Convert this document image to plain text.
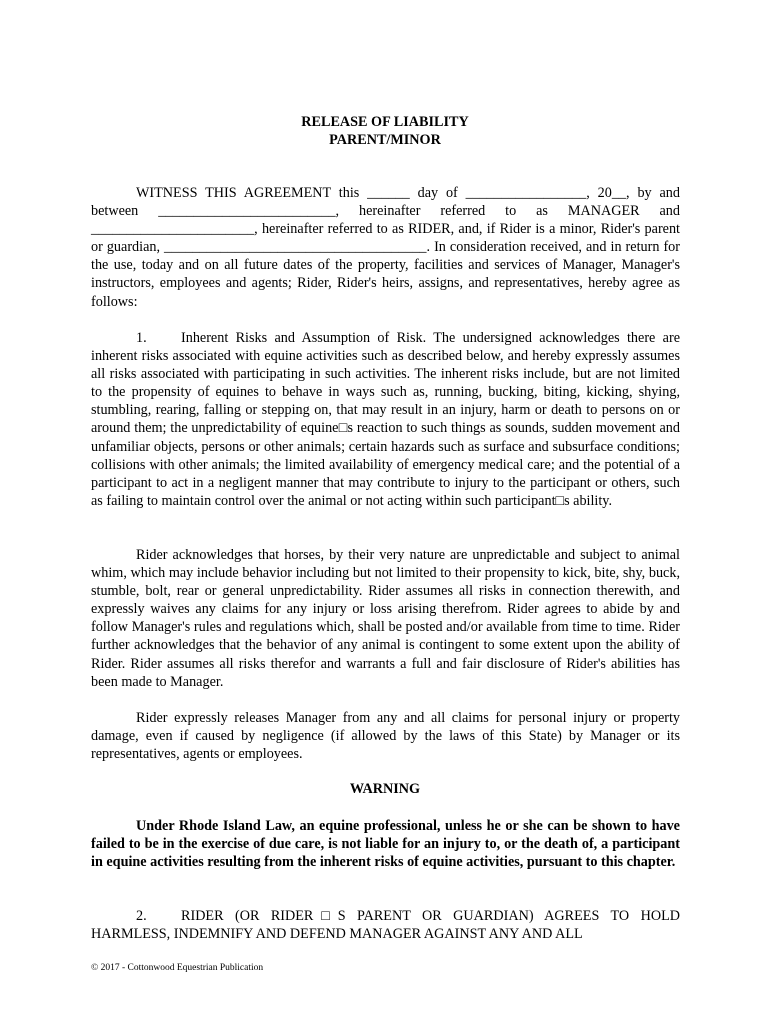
RELEASE OF LIABILITY
PARENT/MINOR
WITNESS THIS AGREEMENT this ______ day of _________________, 20__, by and between _________________________, hereinafter referred to as MANAGER and _______________________, hereinafter referred to as RIDER, and, if Rider is a minor, Rider's parent or guardian, _____________________________________. In consideration received, and in return for the use, today and on all future dates of the property, facilities and services of Manager, Manager's instructors, employees and agents; Rider, Rider's heirs, assigns, and representatives, hereby agree as follows:
1. Inherent Risks and Assumption of Risk. The undersigned acknowledges there are inherent risks associated with equine activities such as described below, and hereby expressly assumes all risks associated with participating in such activities. The inherent risks include, but are not limited to the propensity of equines to behave in ways such as, running, bucking, biting, kicking, shying, stumbling, rearing, falling or stepping on, that may result in an injury, harm or death to persons on or around them; the unpredictability of equine□s reaction to such things as sounds, sudden movement and unfamiliar objects, persons or other animals; certain hazards such as surface and subsurface conditions; collisions with other animals; the limited availability of emergency medical care; and the potential of a participant to act in a negligent manner that may contribute to injury to the participant or others, such as failing to maintain control over the animal or not acting within such participant□s ability.
Rider acknowledges that horses, by their very nature are unpredictable and subject to animal whim, which may include behavior including but not limited to their propensity to kick, bite, shy, buck, stumble, bolt, rear or general unpredictability. Rider assumes all risks in connection therewith, and expressly waives any claims for any injury or loss arising therefrom. Rider agrees to abide by and follow Manager's rules and regulations which, shall be posted and/or available from time to time. Rider further acknowledges that the behavior of any animal is contingent to some extent upon the ability of Rider. Rider assumes all risks therefor and warrants a full and fair disclosure of Rider's abilities has been made to Manager.
Rider expressly releases Manager from any and all claims for personal injury or property damage, even if caused by negligence (if allowed by the laws of this State) by Manager or its representatives, agents or employees.
WARNING
Under Rhode Island Law, an equine professional, unless he or she can be shown to have failed to be in the exercise of due care, is not liable for an injury to, or the death of, a participant in equine activities resulting from the inherent risks of equine activities, pursuant to this chapter.
2. RIDER (OR RIDER□S PARENT OR GUARDIAN) AGREES TO HOLD HARMLESS, INDEMNIFY AND DEFEND MANAGER AGAINST ANY AND ALL
© 2017 - Cottonwood Equestrian Publication
